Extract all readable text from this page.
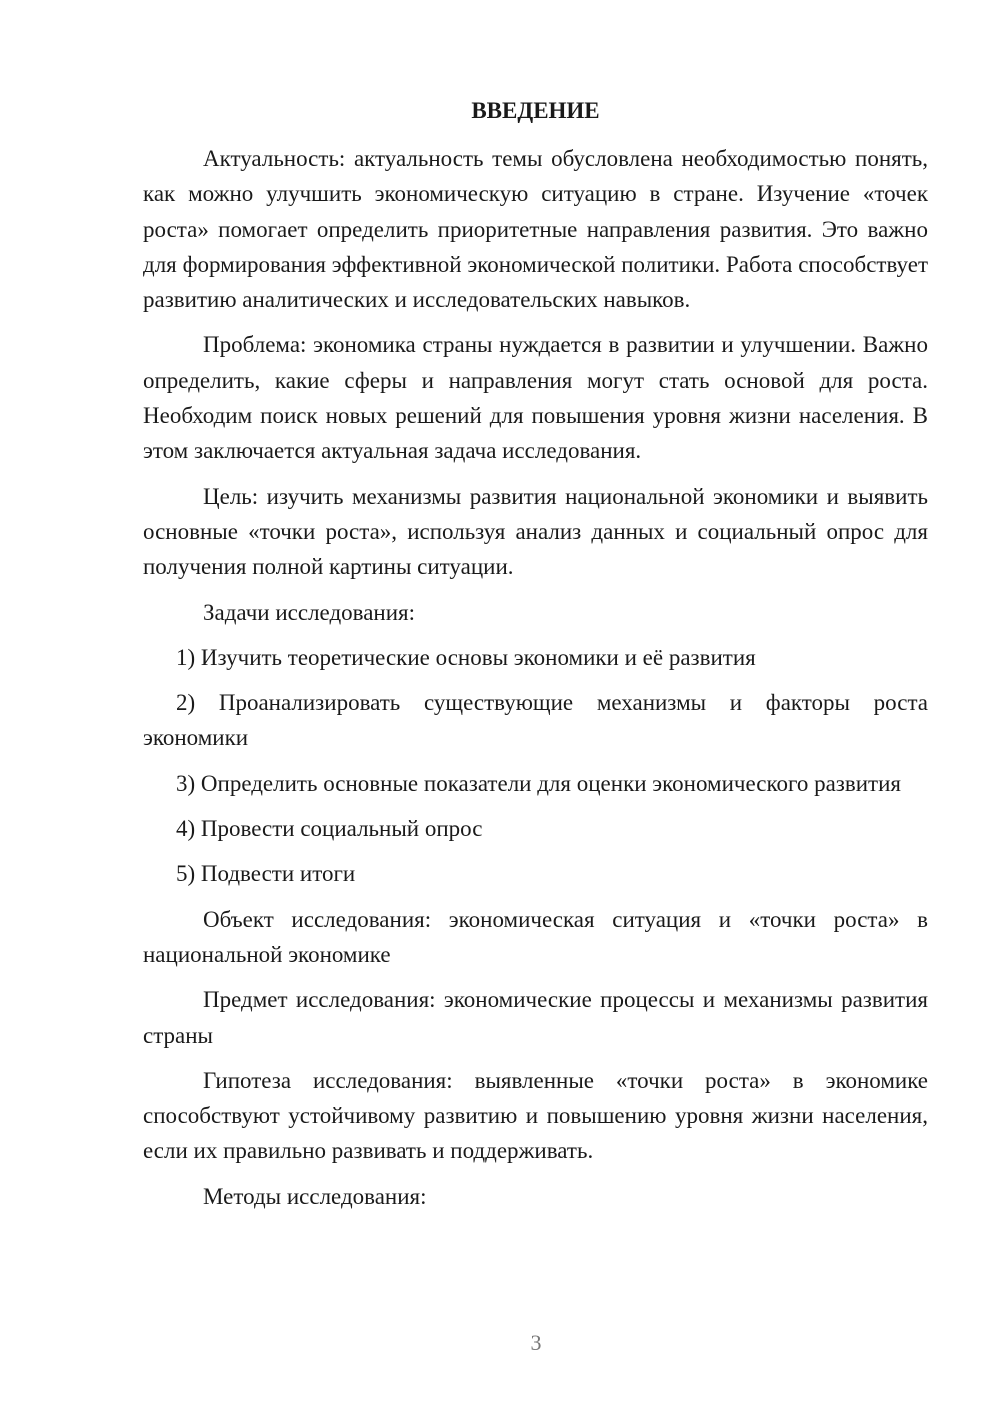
ВВЕДЕНИЕ

Актуальность: актуальность темы обусловлена необходимостью понять, как можно улучшить экономическую ситуацию в стране. Изучение «точек роста» помогает определить приоритетные направления развития. Это важно для формирования эффективной экономической политики. Работа способствует развитию аналитических и исследовательских навыков.

Проблема: экономика страны нуждается в развитии и улучшении. Важно определить, какие сферы и направления могут стать основой для роста. Необходим поиск новых решений для повышения уровня жизни населения. В этом заключается актуальная задача исследования.

Цель: изучить механизмы развития национальной экономики и выявить основные «точки роста», используя анализ данных и социальный опрос для получения полной картины ситуации.

Задачи исследования:

1) Изучить теоретические основы экономики и её развития

2) Проанализировать существующие механизмы и факторы роста экономики

3) Определить основные показатели для оценки экономического развития

4) Провести социальный опрос

5) Подвести итоги

Объект исследования: экономическая ситуация и «точки роста» в национальной экономике

Предмет исследования: экономические процессы и механизмы развития страны

Гипотеза исследования: выявленные «точки роста» в экономике способствуют устойчивому развитию и повышению уровня жизни населения, если их правильно развивать и поддерживать.

Методы исследования:

3
